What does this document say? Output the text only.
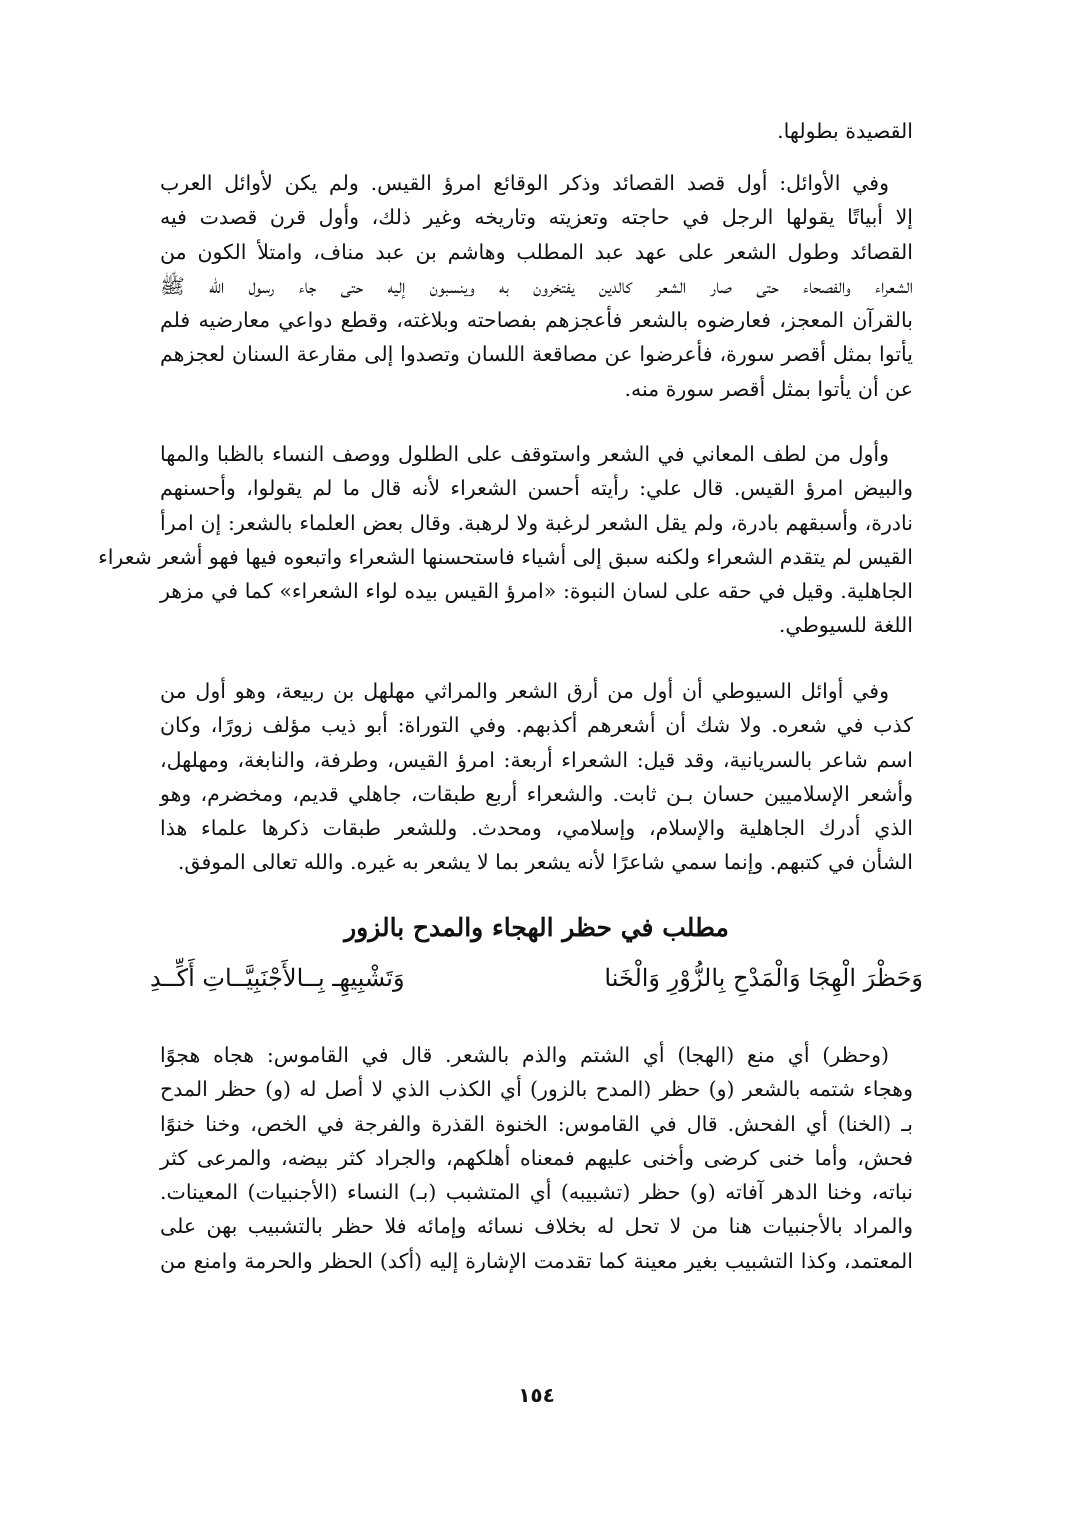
القصيدة بطولها.
وفي الأوائل: أول قصد القصائد وذكر الوقائع امرؤ القيس. ولم يكن لأوائل العرب
إلا أبياتًا يقولها الرجل في حاجته وتعزيته وتاريخه وغير ذلك، وأول قرن قصدت فيه
القصائد وطول الشعر على عهد عبد المطلب وهاشم بن عبد مناف، وامتلأ الكون من
الشعراء والفصحاء حتى صار الشعر كالدين يفتخرون به وينسبون إليه حتى جاء رسول الله ﷺ
بالقرآن المعجز، فعارضوه بالشعر فأعجزهم بفصاحته وبلاغته، وقطع دواعي معارضيه فلم
يأتوا بمثل أقصر سورة، فأعرضوا عن مصاقعة اللسان وتصدوا إلى مقارعة السنان لعجزهم
عن أن يأتوا بمثل أقصر سورة منه.
وأول من لطف المعاني في الشعر واستوقف على الطلول ووصف النساء بالظبا والمها
والبيض امرؤ القيس. قال علي: رأيته أحسن الشعراء لأنه قال ما لم يقولوا، وأحسنهم
نادرة، وأسبقهم بادرة، ولم يقل الشعر لرغبة ولا لرهبة. وقال بعض العلماء بالشعر: إن امرأ
القيس لم يتقدم الشعراء ولكنه سبق إلى أشياء فاستحسنها الشعراء واتبعوه فيها فهو أشعر شعراء
الجاهلية. وقيل في حقه على لسان النبوة: «امرؤ القيس بيده لواء الشعراء» كما في مزهر
اللغة للسيوطي.
وفي أوائل السيوطي أن أول من أرق الشعر والمراثي مهلهل بن ربيعة، وهو أول من
كذب في شعره. ولا شك أن أشعرهم أكذبهم. وفي التوراة: أبو ذيب مؤلف زورًا، وكان
اسم شاعر بالسريانية، وقد قيل: الشعراء أربعة: امرؤ القيس، وطرفة، والنابغة، ومهلهل،
وأشعر الإسلاميين حسان بـن ثابت. والشعراء أربع طبقات، جاهلي قديم، ومخضرم، وهو
الذي أدرك الجاهلية والإسلام، وإسلامي، ومحدث. وللشعر طبقات ذكرها علماء هذا
الشأن في كتبهم. وإنما سمي شاعرًا لأنه يشعر بما لا يشعر به غيره. والله تعالى الموفق.
مطلب في حظر الهجاء والمدح بالزور
وَحَظْرَ الْهِجَا وَالْمَدْحِ بِالزُّوْرِ وَالْخَنا
وَتَشْبِيهِـ بِــالأَجْنَبِيَّــاتِ أَكِّــدِ
(وحظر) أي منع (الهجا) أي الشتم والذم بالشعر. قال في القاموس: هجاه هجوًا
وهجاء شتمه بالشعر (و) حظر (المدح بالزور) أي الكذب الذي لا أصل له (و) حظر المدح
بـ (الخنا) أي الفحش. قال في القاموس: الخنوة القذرة والفرجة في الخص، وخنا خنوًا
فحش، وأما خنى كرضى وأخنى عليهم فمعناه أهلكهم، والجراد كثر بيضه، والمرعى كثر
نباته، وخنا الدهر آفاته (و) حظر (تشبيبه) أي المتشبب (بـ) النساء (الأجنبيات) المعينات.
والمراد بالأجنبيات هنا من لا تحل له بخلاف نسائه وإمائه فلا حظر بالتشبيب بهن على
المعتمد، وكذا التشبيب بغير معينة كما تقدمت الإشارة إليه (أكد) الحظر والحرمة وامنع من
١٥٤
